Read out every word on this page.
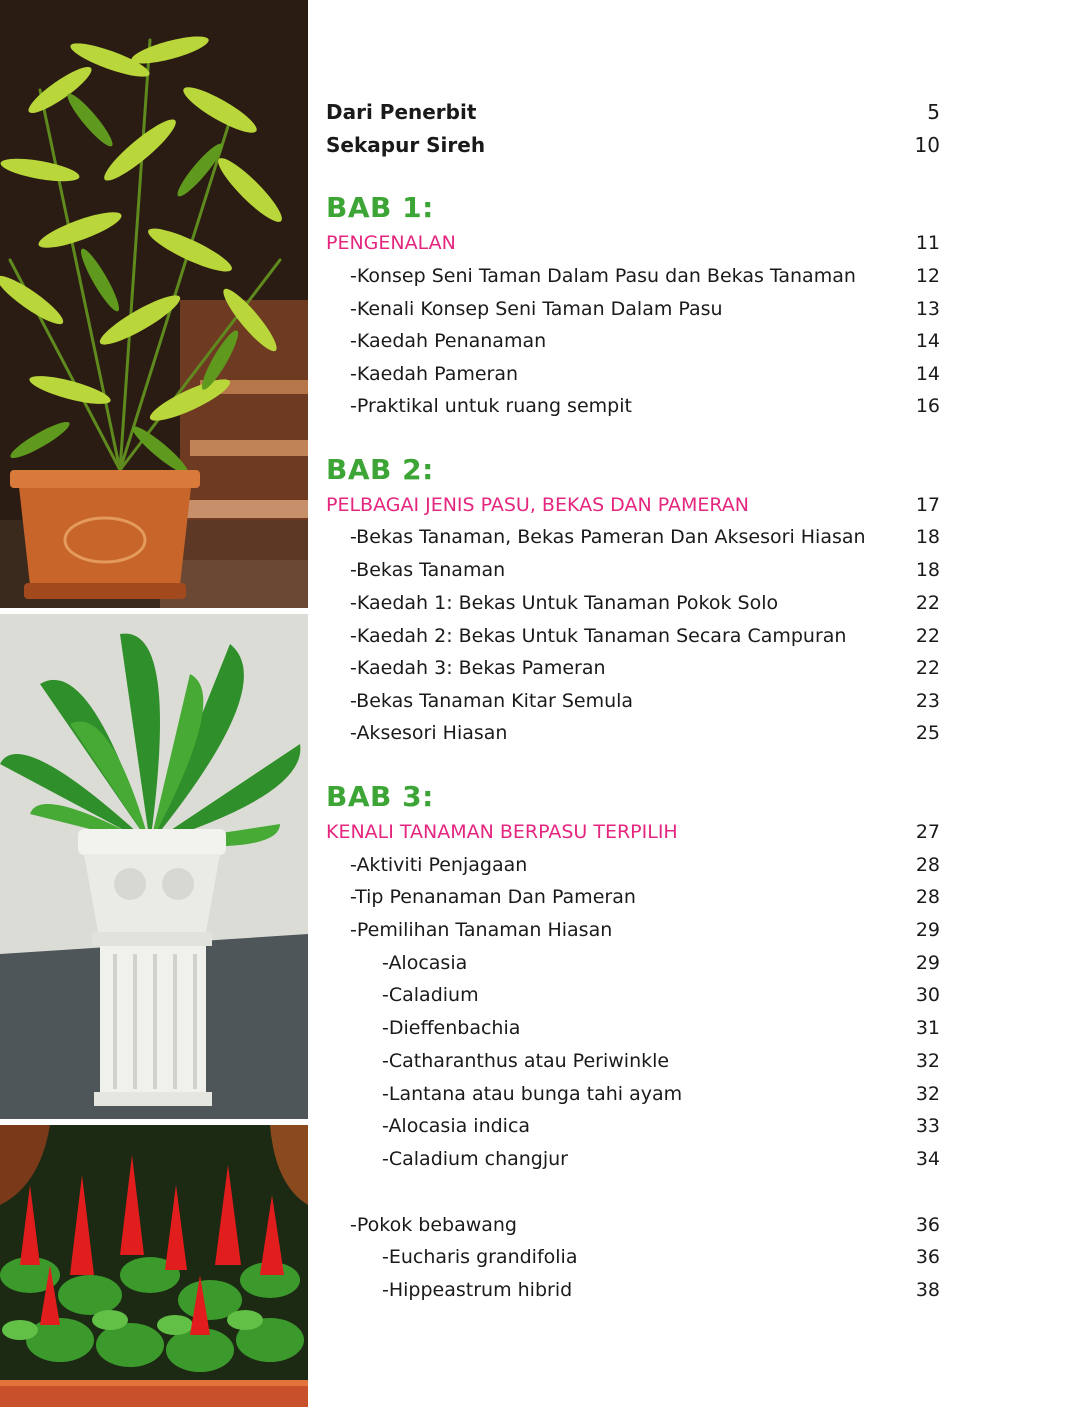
Dari Penerbit	5
Sekapur Sireh	10
BAB 1:
PENGENALAN	11
-Konsep Seni Taman Dalam Pasu dan Bekas Tanaman	12
-Kenali Konsep Seni Taman Dalam Pasu	13
-Kaedah Penanaman	14
-Kaedah Pameran	14
-Praktikal untuk ruang sempit	16
BAB 2:
PELBAGAI JENIS PASU, BEKAS DAN PAMERAN	17
-Bekas Tanaman, Bekas Pameran Dan Aksesori Hiasan	18
-Bekas Tanaman	18
-Kaedah 1: Bekas Untuk Tanaman Pokok Solo	22
-Kaedah 2: Bekas Untuk Tanaman Secara Campuran	22
-Kaedah 3: Bekas Pameran	22
-Bekas Tanaman Kitar Semula	23
-Aksesori Hiasan	25
BAB 3:
KENALI TANAMAN BERPASU TERPILIH	27
-Aktiviti Penjagaan	28
-Tip Penanaman Dan Pameran	28
-Pemilihan Tanaman Hiasan	29
-Alocasia	29
-Caladium	30
-Dieffenbachia	31
-Catharanthus atau Periwinkle	32
-Lantana atau bunga tahi ayam	32
-Alocasia indica	33
-Caladium changjur	34
-Pokok bebawang	36
-Eucharis grandifolia	36
-Hippeastrum hibrid	38
